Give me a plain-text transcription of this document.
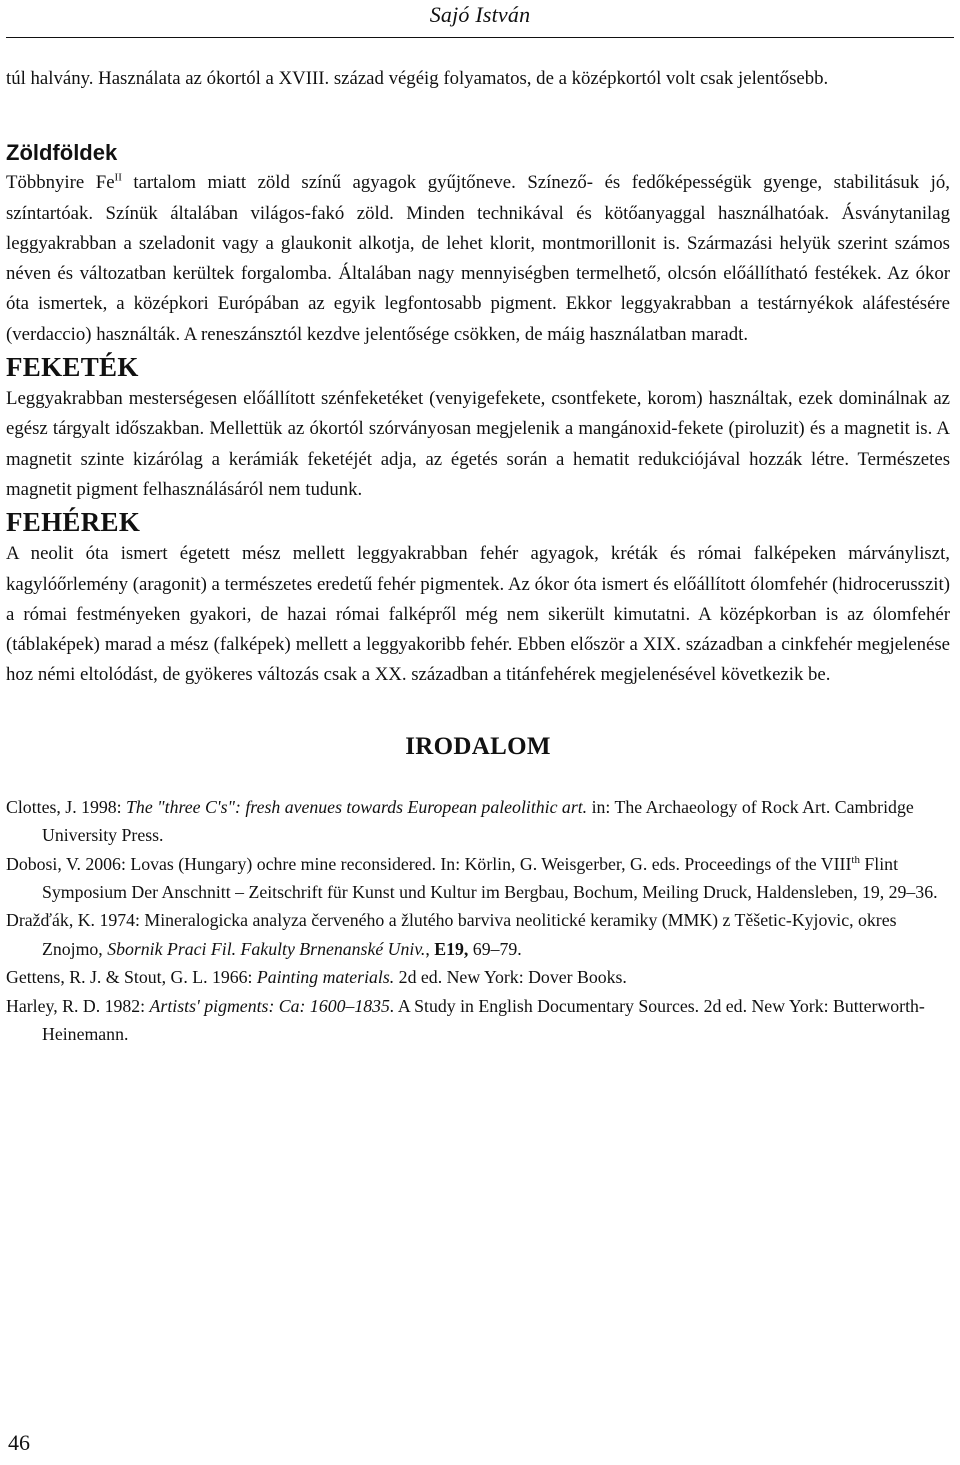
Sajó István

túl halvány. Használata az ókortól a XVIII. század végéig folyamatos, de a középkortól volt csak jelentősebb.

Zöldföldek

Többnyire $Fe^{II}$ tartalom miatt zöld színű agyagok gyűjtőneve. Színező- és fedőképességük gyenge, stabilitásuk jó, színtartóak. Színük általában világos-fakó zöld. Minden technikával és kötőanyaggal használhatóak. Ásványtanilag leggyakrabban a szeladonit vagy a glaukonit alkotja, de lehet klorit, montmorillonit is. Származási helyük szerint számos néven és változatban kerültek forgalomba. Általában nagy mennyiségben termelhető, olcsón előállítható festékek. Az ókor óta ismertek, a középkori Európában az egyik legfontosabb pigment. Ekkor leggyakrabban a testárnyékok aláfestésére (verdaccio) használták. A reneszánsztól kezdve jelentősége csökken, de máig használatban maradt.

FEKETÉK

Leggyakrabban mesterségesen előállított szénfeketéket (venyigefekete, csontfekete, korom) használtak, ezek dominálnak az egész tárgyalt időszakban. Mellettük az ókortól szórványosan megjelenik a mangánoxid-fekete (piroluzit) és a magnetit is. A magnetit szinte kizárólag a kerámiák feketéjét adja, az égetés során a hematit redukciójával hozzák létre. Természetes magnetit pigment felhasználásáról nem tudunk.

FEHÉREK

A neolit óta ismert égetett mész mellett leggyakrabban fehér agyagok, kréták és római falképeken márványliszt, kagylóőrlemény (aragonit) a természetes eredetű fehér pigmentek. Az ókor óta ismert és előállított ólomfehér (hidrocerusszit) a római festményeken gyakori, de hazai római falképről még nem sikerült kimutatni. A középkorban is az ólomfehér (táblaképek) marad a mész (falképek) mellett a leggyakoribb fehér. Ebben először a XIX. században a cinkfehér megjelenése hoz némi eltolódást, de gyökeres változás csak a XX. században a titánfehérek megjelenésével következik be.

IRODALOM
Clottes, J. 1998: The "three C's": fresh avenues towards European paleolithic art. in: The Archaeology of Rock Art. Cambridge University Press.
Dobosi, V. 2006: Lovas (Hungary) ochre mine reconsidered. In: Körlin, G. Weisgerber, G. eds. Proceedings of the VIIIth Flint Symposium Der Anschnitt – Zeitschrift für Kunst und Kultur im Bergbau, Bochum, Meiling Druck, Haldensleben, 19, 29–36.
Dražďák, K. 1974: Mineralogicka analyza červeného a žlutého barviva neolitické keramiky (MMK) z Těšetic-Kyjovic, okres Znojmo, Sbornik Praci Fil. Fakulty Brnenanské Univ., E19, 69–79.
Gettens, R. J. & Stout, G. L. 1966: Painting materials. 2d ed. New York: Dover Books.
Harley, R. D. 1982: Artists' pigments: Ca: 1600–1835. A Study in English Documentary Sources. 2d ed. New York: Butterworth-Heinemann.
46
